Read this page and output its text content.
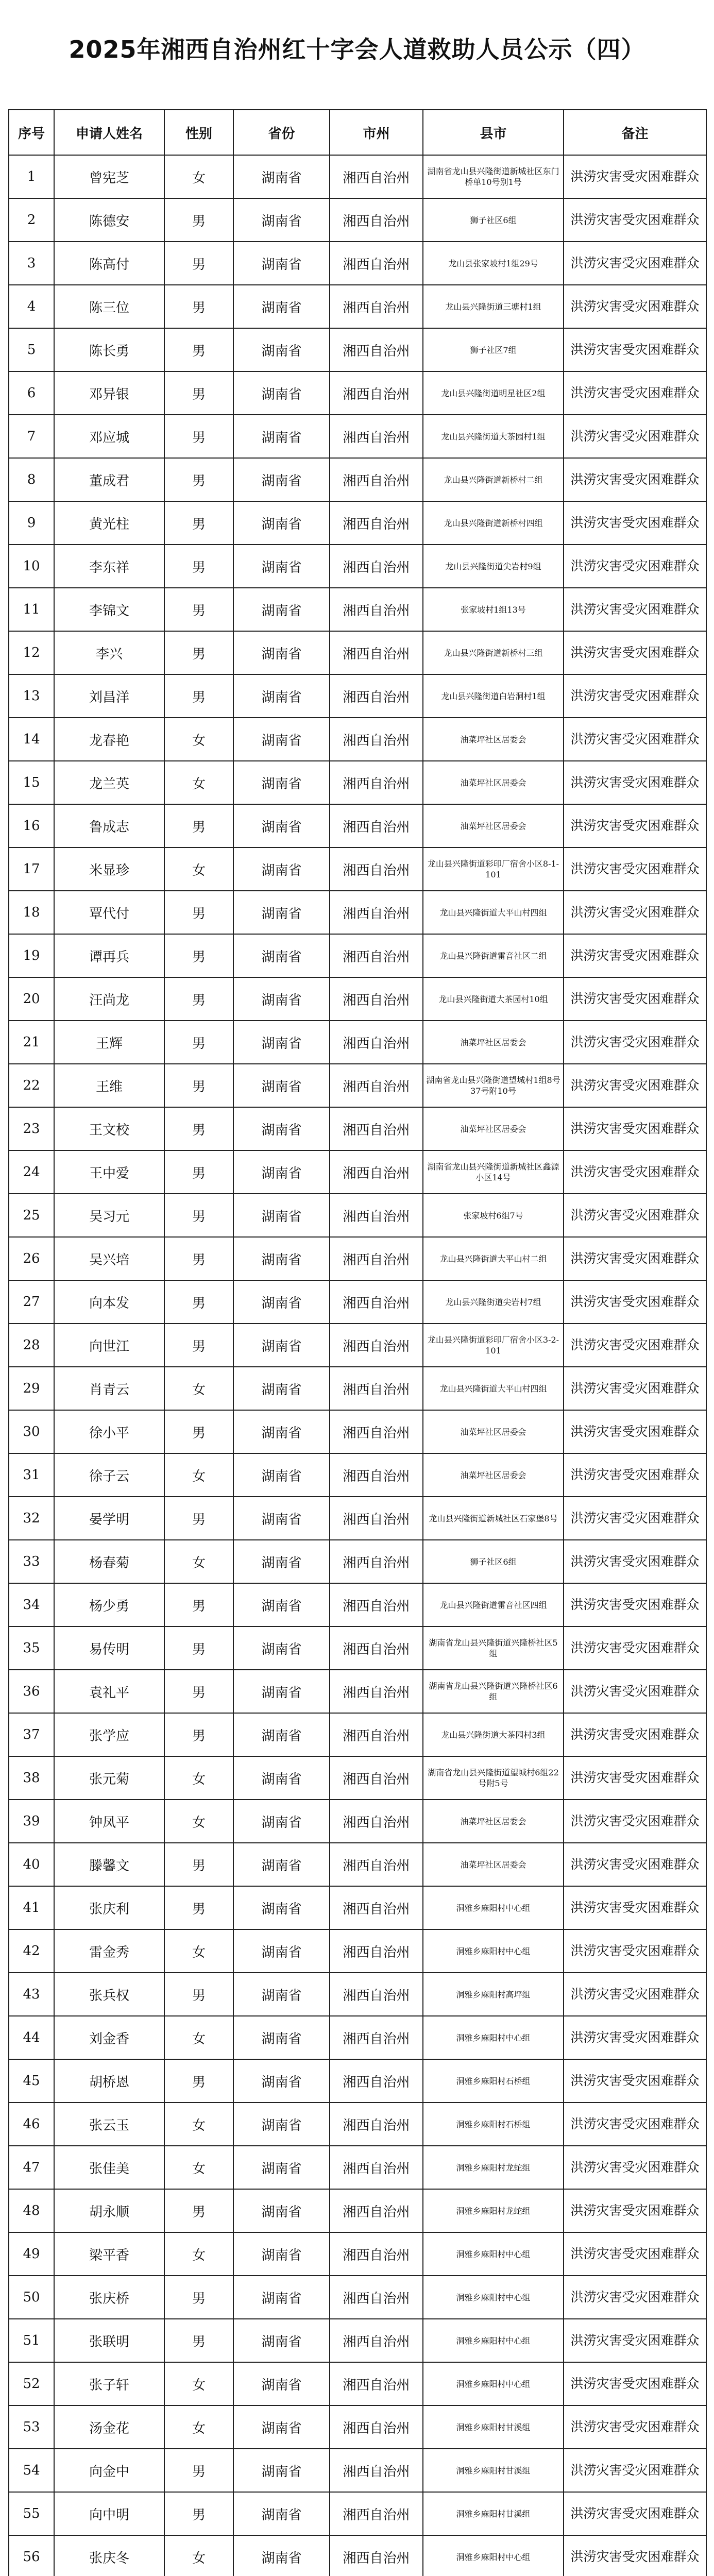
2025年湘西自治州红十字会人道救助人员公示（四）
序号	申请人姓名	性别	省份	市州	县市	备注
1	曾宪芝	女	湖南省	湘西自治州	湖南省龙山县兴隆街道新城社区东门桥单10号别1号	洪涝灾害受灾困难群众
2	陈德安	男	湖南省	湘西自治州	狮子社区6组	洪涝灾害受灾困难群众
3	陈高付	男	湖南省	湘西自治州	龙山县张家坡村1组29号	洪涝灾害受灾困难群众
4	陈三位	男	湖南省	湘西自治州	龙山县兴隆街道三塘村1组	洪涝灾害受灾困难群众
5	陈长勇	男	湖南省	湘西自治州	狮子社区7组	洪涝灾害受灾困难群众
6	邓异银	男	湖南省	湘西自治州	龙山县兴隆街道明星社区2组	洪涝灾害受灾困难群众
7	邓应城	男	湖南省	湘西自治州	龙山县兴隆街道大茶园村1组	洪涝灾害受灾困难群众
8	董成君	男	湖南省	湘西自治州	龙山县兴隆街道新桥村二组	洪涝灾害受灾困难群众
9	黄光柱	男	湖南省	湘西自治州	龙山县兴隆街道新桥村四组	洪涝灾害受灾困难群众
10	李东祥	男	湖南省	湘西自治州	龙山县兴隆街道尖岩村9组	洪涝灾害受灾困难群众
11	李锦文	男	湖南省	湘西自治州	张家坡村1组13号	洪涝灾害受灾困难群众
12	李兴	男	湖南省	湘西自治州	龙山县兴隆街道新桥村三组	洪涝灾害受灾困难群众
13	刘昌洋	男	湖南省	湘西自治州	龙山县兴隆街道白岩洞村1组	洪涝灾害受灾困难群众
14	龙春艳	女	湖南省	湘西自治州	油菜坪社区居委会	洪涝灾害受灾困难群众
15	龙兰英	女	湖南省	湘西自治州	油菜坪社区居委会	洪涝灾害受灾困难群众
16	鲁成志	男	湖南省	湘西自治州	油菜坪社区居委会	洪涝灾害受灾困难群众
17	米显珍	女	湖南省	湘西自治州	龙山县兴隆街道彩印厂宿舍小区8-1-101	洪涝灾害受灾困难群众
18	覃代付	男	湖南省	湘西自治州	龙山县兴隆街道大平山村四组	洪涝灾害受灾困难群众
19	谭再兵	男	湖南省	湘西自治州	龙山县兴隆街道雷音社区二组	洪涝灾害受灾困难群众
20	汪尚龙	男	湖南省	湘西自治州	龙山县兴隆街道大茶园村10组	洪涝灾害受灾困难群众
21	王辉	男	湖南省	湘西自治州	油菜坪社区居委会	洪涝灾害受灾困难群众
22	王维	男	湖南省	湘西自治州	湖南省龙山县兴隆街道望城村1组8号37号附10号	洪涝灾害受灾困难群众
23	王文校	男	湖南省	湘西自治州	油菜坪社区居委会	洪涝灾害受灾困难群众
24	王中爱	男	湖南省	湘西自治州	湖南省龙山县兴隆街道新城社区鑫源小区14号	洪涝灾害受灾困难群众
25	吴习元	男	湖南省	湘西自治州	张家坡村6组7号	洪涝灾害受灾困难群众
26	吴兴培	男	湖南省	湘西自治州	龙山县兴隆街道大平山村二组	洪涝灾害受灾困难群众
27	向本发	男	湖南省	湘西自治州	龙山县兴隆街道尖岩村7组	洪涝灾害受灾困难群众
28	向世江	男	湖南省	湘西自治州	龙山县兴隆街道彩印厂宿舍小区3-2-101	洪涝灾害受灾困难群众
29	肖青云	女	湖南省	湘西自治州	龙山县兴隆街道大平山村四组	洪涝灾害受灾困难群众
30	徐小平	男	湖南省	湘西自治州	油菜坪社区居委会	洪涝灾害受灾困难群众
31	徐子云	女	湖南省	湘西自治州	油菜坪社区居委会	洪涝灾害受灾困难群众
32	晏学明	男	湖南省	湘西自治州	龙山县兴隆街道新城社区石家堡8号	洪涝灾害受灾困难群众
33	杨春菊	女	湖南省	湘西自治州	狮子社区6组	洪涝灾害受灾困难群众
34	杨少勇	男	湖南省	湘西自治州	龙山县兴隆街道雷音社区四组	洪涝灾害受灾困难群众
35	易传明	男	湖南省	湘西自治州	湖南省龙山县兴隆街道兴隆桥社区5组	洪涝灾害受灾困难群众
36	袁礼平	男	湖南省	湘西自治州	湖南省龙山县兴隆街道兴隆桥社区6组	洪涝灾害受灾困难群众
37	张学应	男	湖南省	湘西自治州	龙山县兴隆街道大茶园村3组	洪涝灾害受灾困难群众
38	张元菊	女	湖南省	湘西自治州	湖南省龙山县兴隆街道望城村6组22号附5号	洪涝灾害受灾困难群众
39	钟凤平	女	湖南省	湘西自治州	油菜坪社区居委会	洪涝灾害受灾困难群众
40	滕馨文	男	湖南省	湘西自治州	油菜坪社区居委会	洪涝灾害受灾困难群众
41	张庆利	男	湖南省	湘西自治州	洞雅乡麻阳村中心组	洪涝灾害受灾困难群众
42	雷金秀	女	湖南省	湘西自治州	洞雅乡麻阳村中心组	洪涝灾害受灾困难群众
43	张兵权	男	湖南省	湘西自治州	洞雅乡麻阳村高坪组	洪涝灾害受灾困难群众
44	刘金香	女	湖南省	湘西自治州	洞雅乡麻阳村中心组	洪涝灾害受灾困难群众
45	胡桥恩	男	湖南省	湘西自治州	洞雅乡麻阳村石桥组	洪涝灾害受灾困难群众
46	张云玉	女	湖南省	湘西自治州	洞雅乡麻阳村石桥组	洪涝灾害受灾困难群众
47	张佳美	女	湖南省	湘西自治州	洞雅乡麻阳村龙蛇组	洪涝灾害受灾困难群众
48	胡永顺	男	湖南省	湘西自治州	洞雅乡麻阳村龙蛇组	洪涝灾害受灾困难群众
49	梁平香	女	湖南省	湘西自治州	洞雅乡麻阳村中心组	洪涝灾害受灾困难群众
50	张庆桥	男	湖南省	湘西自治州	洞雅乡麻阳村中心组	洪涝灾害受灾困难群众
51	张联明	男	湖南省	湘西自治州	洞雅乡麻阳村中心组	洪涝灾害受灾困难群众
52	张子轩	女	湖南省	湘西自治州	洞雅乡麻阳村中心组	洪涝灾害受灾困难群众
53	汤金花	女	湖南省	湘西自治州	洞雅乡麻阳村甘溪组	洪涝灾害受灾困难群众
54	向金中	男	湖南省	湘西自治州	洞雅乡麻阳村甘溪组	洪涝灾害受灾困难群众
55	向中明	男	湖南省	湘西自治州	洞雅乡麻阳村甘溪组	洪涝灾害受灾困难群众
56	张庆冬	女	湖南省	湘西自治州	洞雅乡麻阳村中心组	洪涝灾害受灾困难群众
